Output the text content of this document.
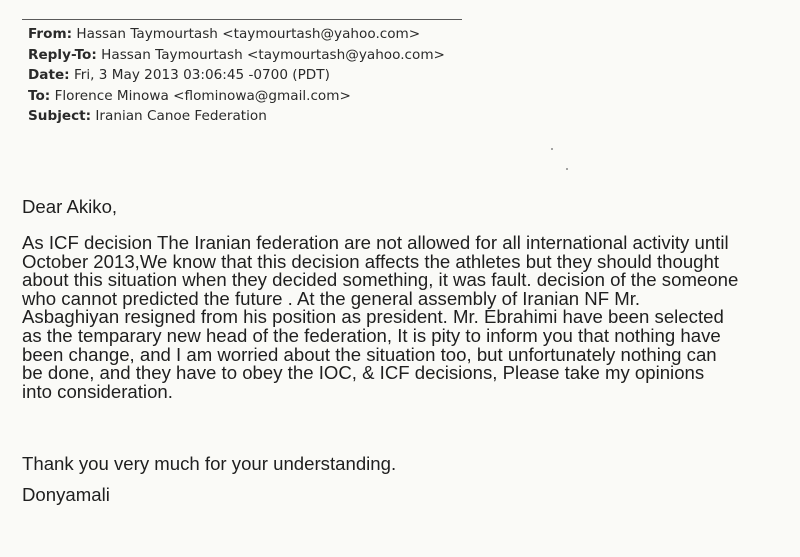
From: Hassan Taymourtash <taymourtash@yahoo.com>
Reply-To: Hassan Taymourtash <taymourtash@yahoo.com>
Date: Fri, 3 May 2013 03:06:45 -0700 (PDT)
To: Florence Minowa <flominowa@gmail.com>
Subject: Iranian Canoe Federation
Dear Akiko,
As ICF decision The Iranian federation are not allowed for all international activity until
October 2013,We know that this decision affects the athletes but they should thought
about this situation when they decided something, it was fault. decision of the someone
who cannot predicted the future . At the general assembly of Iranian NF Mr.
Asbaghiyan resigned from his position as president. Mr. Ebrahimi have been selected
as the temparary new head of the federation, It is pity to inform you that nothing have
been change, and I am worried about the situation too, but unfortunately nothing can
be done, and they have to obey the IOC, & ICF decisions, Please take my opinions
into consideration.
Thank you very much for your understanding.
Donyamali
